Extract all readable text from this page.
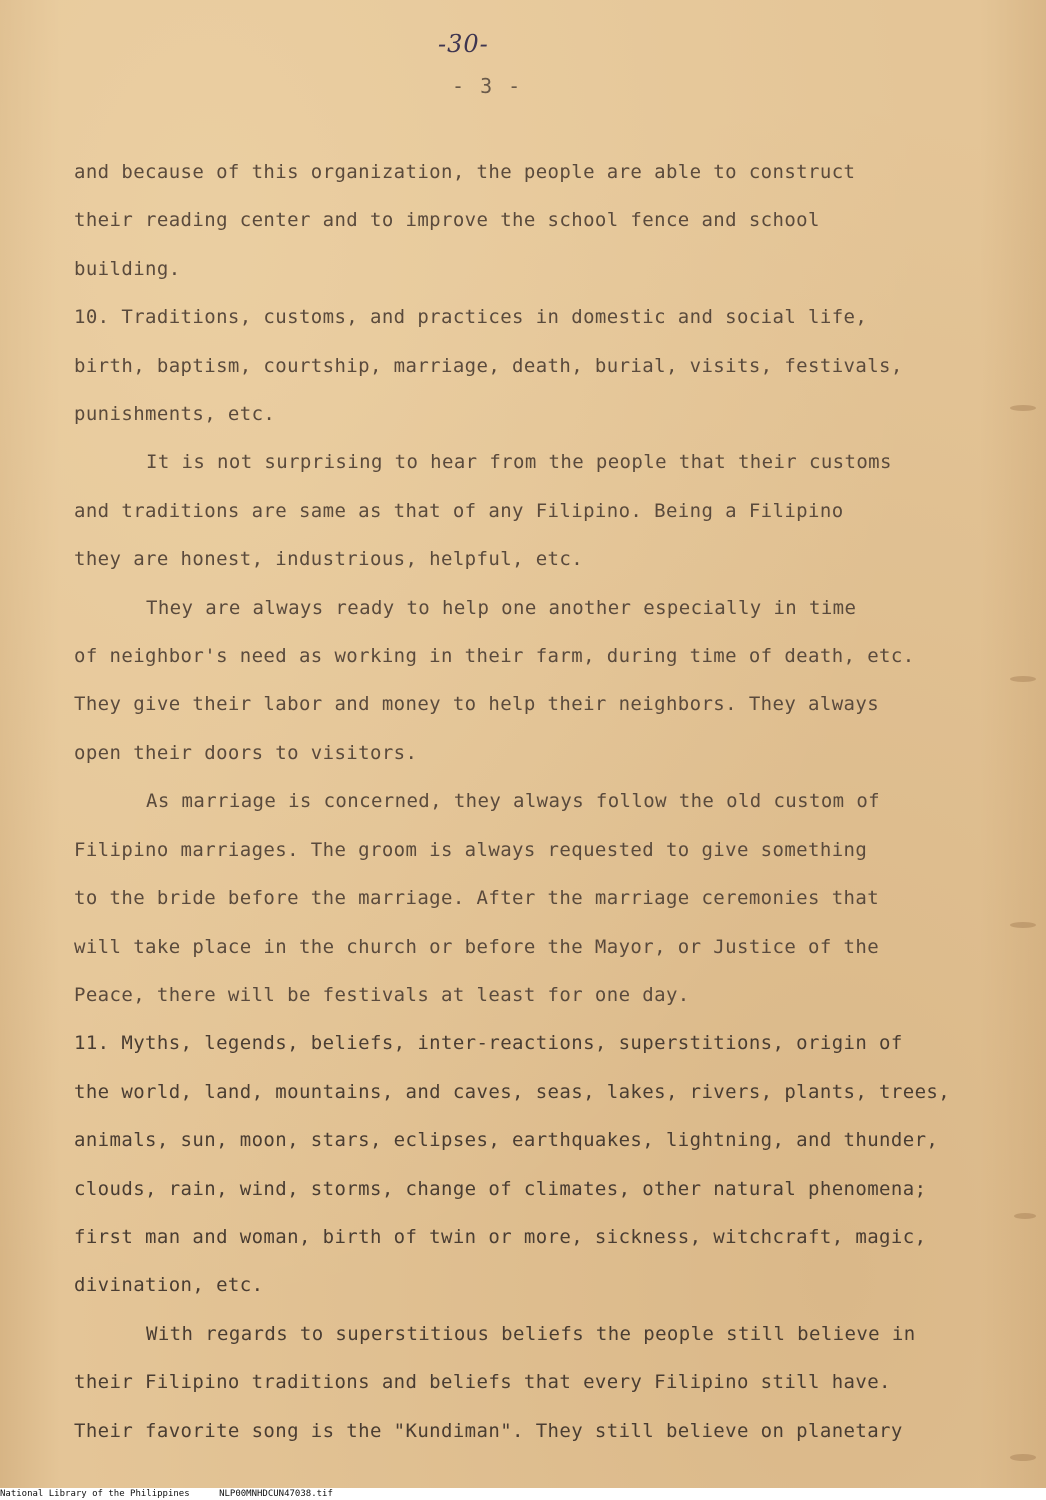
-30-
- 3 -

and because of this organization, the people are able to construct

their reading center and to improve the school fence and school

building.

10. Traditions, customs, and practices in domestic and social life,

birth, baptism, courtship, marriage, death, burial, visits, festivals,

punishments, etc.

It is not surprising to hear from the people that their customs

and traditions are same as that of any Filipino. Being a Filipino

they are honest, industrious, helpful, etc.

They are always ready to help one another especially in time

of neighbor's need as working in their farm, during time of death, etc.

They give their labor and money to help their neighbors. They always

open their doors to visitors.

As marriage is concerned, they always follow the old custom of

Filipino marriages. The groom is always requested to give something

to the bride before the marriage. After the marriage ceremonies that

will take place in the church or before the Mayor, or Justice of the

Peace, there will be festivals at least for one day.

11. Myths, legends, beliefs, inter-reactions, superstitions, origin of

the world, land, mountains, and caves, seas, lakes, rivers, plants, trees,

animals, sun, moon, stars, eclipses, earthquakes, lightning, and thunder,

clouds, rain, wind, storms, change of climates, other natural phenomena;

first man and woman, birth of twin or more, sickness, witchcraft, magic,

divination, etc.

With regards to superstitious beliefs the people still believe in

their Filipino traditions and beliefs that every Filipino still have.

Their favorite song is the "Kundiman". They still believe on planetary

National Library of the Philippines	NLP00MNHDCUN47038.tif
